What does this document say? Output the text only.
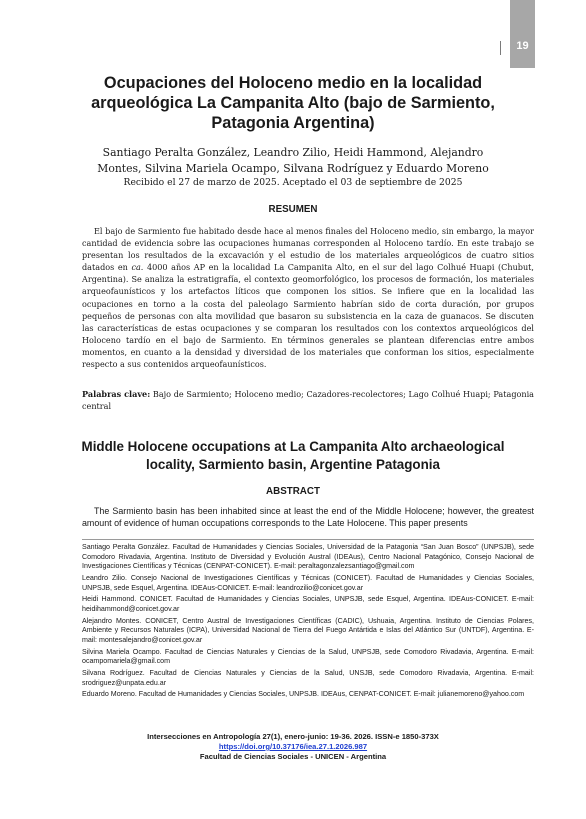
19
Ocupaciones del Holoceno medio en la localidad arqueológica La Campanita Alto (bajo de Sarmiento, Patagonia Argentina)
Santiago Peralta González, Leandro Zilio, Heidi Hammond, Alejandro Montes, Silvina Mariela Ocampo, Silvana Rodríguez y Eduardo Moreno
Recibido el 27 de marzo de 2025. Aceptado el 03 de septiembre de 2025
RESUMEN

El bajo de Sarmiento fue habitado desde hace al menos finales del Holoceno medio, sin embargo, la mayor cantidad de evidencia sobre las ocupaciones humanas corresponden al Holoceno tardío. En este trabajo se presentan los resultados de la excavación y el estudio de los materiales arqueológicos de cuatro sitios datados en ca. 4000 años AP en la localidad La Campanita Alto, en el sur del lago Colhué Huapi (Chubut, Argentina). Se analiza la estratigrafía, el contexto geomorfológico, los procesos de formación, los materiales arqueofaunísticos y los artefactos líticos que componen los sitios. Se infiere que en la localidad las ocupaciones en torno a la costa del paleolago Sarmiento habrían sido de corta duración, por grupos pequeños de personas con alta movilidad que basaron su subsistencia en la caza de guanacos. Se discuten las características de estas ocupaciones y se comparan los resultados con los contextos arqueológicos del Holoceno tardío en el bajo de Sarmiento. En términos generales se plantean diferencias entre ambos momentos, en cuanto a la densidad y diversidad de los materiales que conforman los sitios, especialmente respecto a sus contenidos arqueofaunísticos.

Palabras clave: Bajo de Sarmiento; Holoceno medio; Cazadores-recolectores; Lago Colhué Huapi; Patagonia central

Middle Holocene occupations at La Campanita Alto archaeological locality, Sarmiento basin, Argentine Patagonia
ABSTRACT

The Sarmiento basin has been inhabited since at least the end of the Middle Holocene; however, the greatest amount of evidence of human occupations corresponds to the Late Holocene. This paper presents

Santiago Peralta González. Facultad de Humanidades y Ciencias Sociales, Universidad de la Patagonia “San Juan Bosco” (UNPSJB), sede Comodoro Rivadavia, Argentina. Instituto de Diversidad y Evolución Austral (IDEAus), Centro Nacional Patagónico, Consejo Nacional de Investigaciones Científicas y Técnicas (CENPAT-CONICET). E-mail: peraltagonzalezsantiago@gmail.com

Leandro Zilio. Consejo Nacional de Investigaciones Científicas y Técnicas (CONICET). Facultad de Humanidades y Ciencias Sociales, UNPSJB, sede Esquel, Argentina. IDEAus-CONICET. E-mail: leandrozilio@conicet.gov.ar

Heidi Hammond. CONICET. Facultad de Humanidades y Ciencias Sociales, UNPSJB, sede Esquel, Argentina. IDEAus-CONICET. E-mail: heidihammond@conicet.gov.ar

Alejandro Montes. CONICET, Centro Austral de Investigaciones Científicas (CADIC), Ushuaia, Argentina. Instituto de Ciencias Polares, Ambiente y Recursos Naturales (ICPA), Universidad Nacional de Tierra del Fuego Antártida e Islas del Atlántico Sur (UNTDF), Argentina. E-mail: montesalejandro@conicet.gov.ar

Silvina Mariela Ocampo. Facultad de Ciencias Naturales y Ciencias de la Salud, UNPSJB, sede Comodoro Rivadavia, Argentina. E-mail: ocampomariela@gmail.com

Silvana Rodríguez. Facultad de Ciencias Naturales y Ciencias de la Salud, UNSJB, sede Comodoro Rivadavia, Argentina. E-mail: srodriguez@unpata.edu.ar

Eduardo Moreno. Facultad de Humanidades y Ciencias Sociales, UNPSJB. IDEAus, CENPAT-CONICET. E-mail: julianemoreno@yahoo.com

Intersecciones en Antropología 27(1), enero-junio: 19-36. 2026. ISSN-e 1850-373X
https://doi.org/10.37176/iea.27.1.2026.987
Facultad de Ciencias Sociales - UNICEN - Argentina
